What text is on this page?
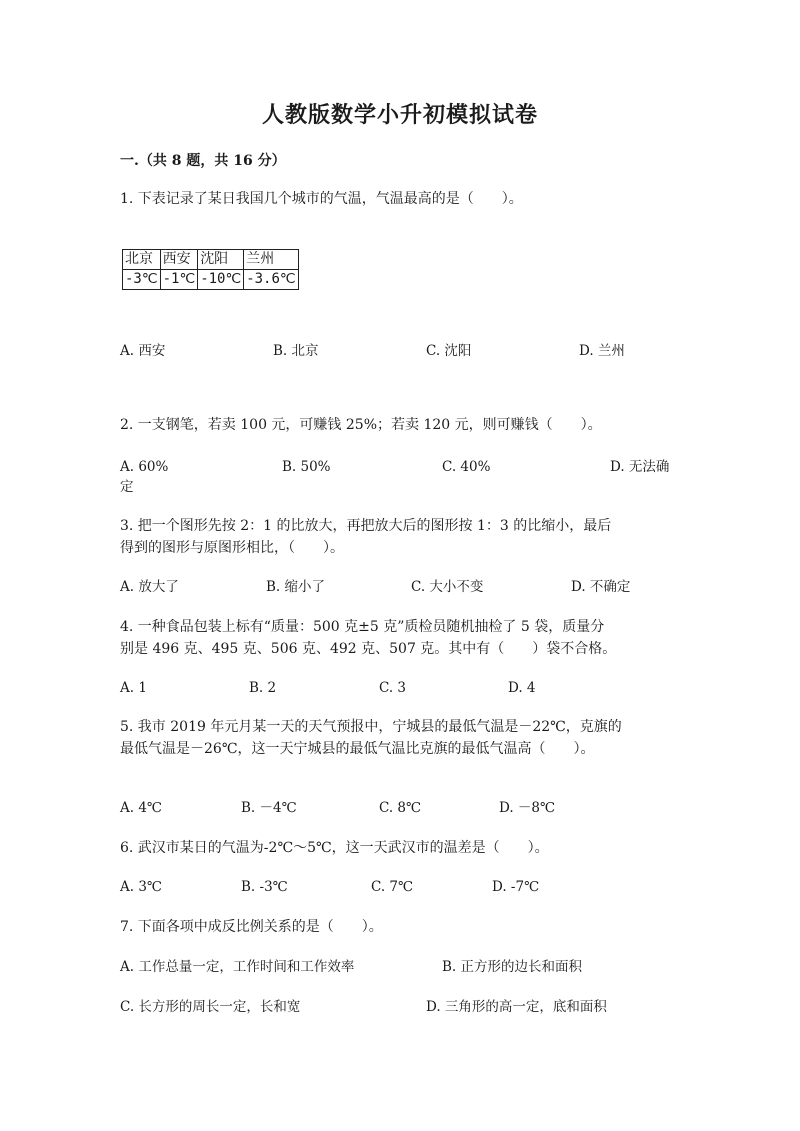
人教版数学小升初模拟试卷
一.（共 8 题，共 16 分）
1. 下表记录了某日我国几个城市的气温，气温最高的是（　　）。
北京	西安	沈阳	兰州
-3℃	-1℃	-10℃	-3.6℃
A. 西安	B. 北京	C. 沈阳	D. 兰州
2. 一支钢笔，若卖 100 元，可赚钱 25%；若卖 120 元，则可赚钱（　　）。
A. 60%	B. 50%	C. 40%	D. 无法确
定
3. 把一个图形先按 2：1 的比放大，再把放大后的图形按 1：3 的比缩小，最后
得到的图形与原图形相比，（　　）。
A. 放大了	B. 缩小了	C. 大小不变	D. 不确定
4. 一种食品包装上标有“质量：500 克±5 克”质检员随机抽检了 5 袋，质量分
别是 496 克、495 克、506 克、492 克、507 克。其中有（　　）袋不合格。
A. 1	B. 2	C. 3	D. 4
5. 我市 2019 年元月某一天的天气预报中，宁城县的最低气温是－22℃，克旗的
最低气温是－26℃，这一天宁城县的最低气温比克旗的最低气温高（　　）。
A. 4℃	B. －4℃	C. 8℃	D. －8℃
6. 武汉市某日的气温为-2℃～5℃，这一天武汉市的温差是（　　）。
A. 3℃	B. -3℃	C. 7℃	D. -7℃
7. 下面各项中成反比例关系的是（　　）。
A. 工作总量一定，工作时间和工作效率	B. 正方形的边长和面积
C. 长方形的周长一定，长和宽	D. 三角形的高一定，底和面积
